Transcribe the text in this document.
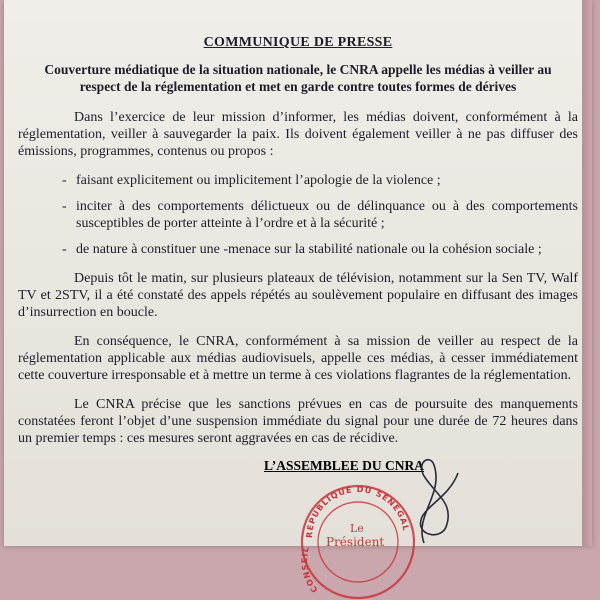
COMMUNIQUE DE PRESSE
Couverture médiatique de la situation nationale, le CNRA appelle les médias à veiller au respect de la réglementation et met en garde contre toutes formes de dérives

Dans l’exercice de leur mission d’informer, les médias doivent, conformément à la réglementation, veiller à sauvegarder la paix. Ils doivent également veiller à ne pas diffuser des émissions, programmes, contenus ou propos :

- faisant explicitement ou implicitement l’apologie de la violence ;
- inciter à des comportements délictueux ou de délinquance ou à des comportements susceptibles de porter atteinte à l’ordre et à la sécurité ;
- de nature à constituer une -menace sur la stabilité nationale ou la cohésion sociale ;

Depuis tôt le matin, sur plusieurs plateaux de télévision, notamment sur la Sen TV, Walf TV et 2STV, il a été constaté des appels répétés au soulèvement populaire en diffusant des images d’insurrection en boucle.

En conséquence, le CNRA, conformément à sa mission de veiller au respect de la réglementation applicable aux médias audiovisuels, appelle ces médias, à cesser immédiatement cette couverture irresponsable et à mettre un terme à ces violations flagrantes de la réglementation.

Le CNRA précise que les sanctions prévues en cas de poursuite des manquements constatées feront l’objet d’une suspension immédiate du signal pour une durée de 72 heures dans un premier temps : ces mesures seront aggravées en cas de récidive.

L’ASSEMBLEE DU CNRA
REPUBLIQUE DU SENEGAL
CONSEIL
Le
Président
